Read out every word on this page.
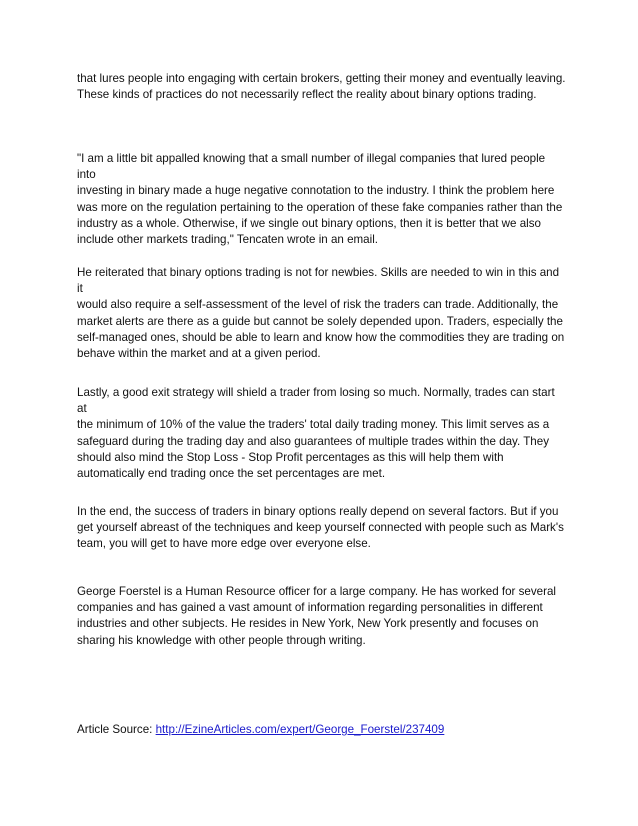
that lures people into engaging with certain brokers, getting their money and eventually leaving.
These kinds of practices do not necessarily reflect the reality about binary options trading.

"I am a little bit appalled knowing that a small number of illegal companies that lured people into
investing in binary made a huge negative connotation to the industry. I think the problem here
was more on the regulation pertaining to the operation of these fake companies rather than the
industry as a whole. Otherwise, if we single out binary options, then it is better that we also
include other markets trading," Tencaten wrote in an email.

He reiterated that binary options trading is not for newbies. Skills are needed to win in this and it
would also require a self-assessment of the level of risk the traders can trade. Additionally, the
market alerts are there as a guide but cannot be solely depended upon. Traders, especially the
self-managed ones, should be able to learn and know how the commodities they are trading on
behave within the market and at a given period.

Lastly, a good exit strategy will shield a trader from losing so much. Normally, trades can start at
the minimum of 10% of the value the traders' total daily trading money. This limit serves as a
safeguard during the trading day and also guarantees of multiple trades within the day. They
should also mind the Stop Loss - Stop Profit percentages as this will help them with
automatically end trading once the set percentages are met.

In the end, the success of traders in binary options really depend on several factors. But if you
get yourself abreast of the techniques and keep yourself connected with people such as Mark's
team, you will get to have more edge over everyone else.

George Foerstel is a Human Resource officer for a large company. He has worked for several
companies and has gained a vast amount of information regarding personalities in different
industries and other subjects. He resides in New York, New York presently and focuses on
sharing his knowledge with other people through writing.

Article Source: http://EzineArticles.com/expert/George_Foerstel/237409
